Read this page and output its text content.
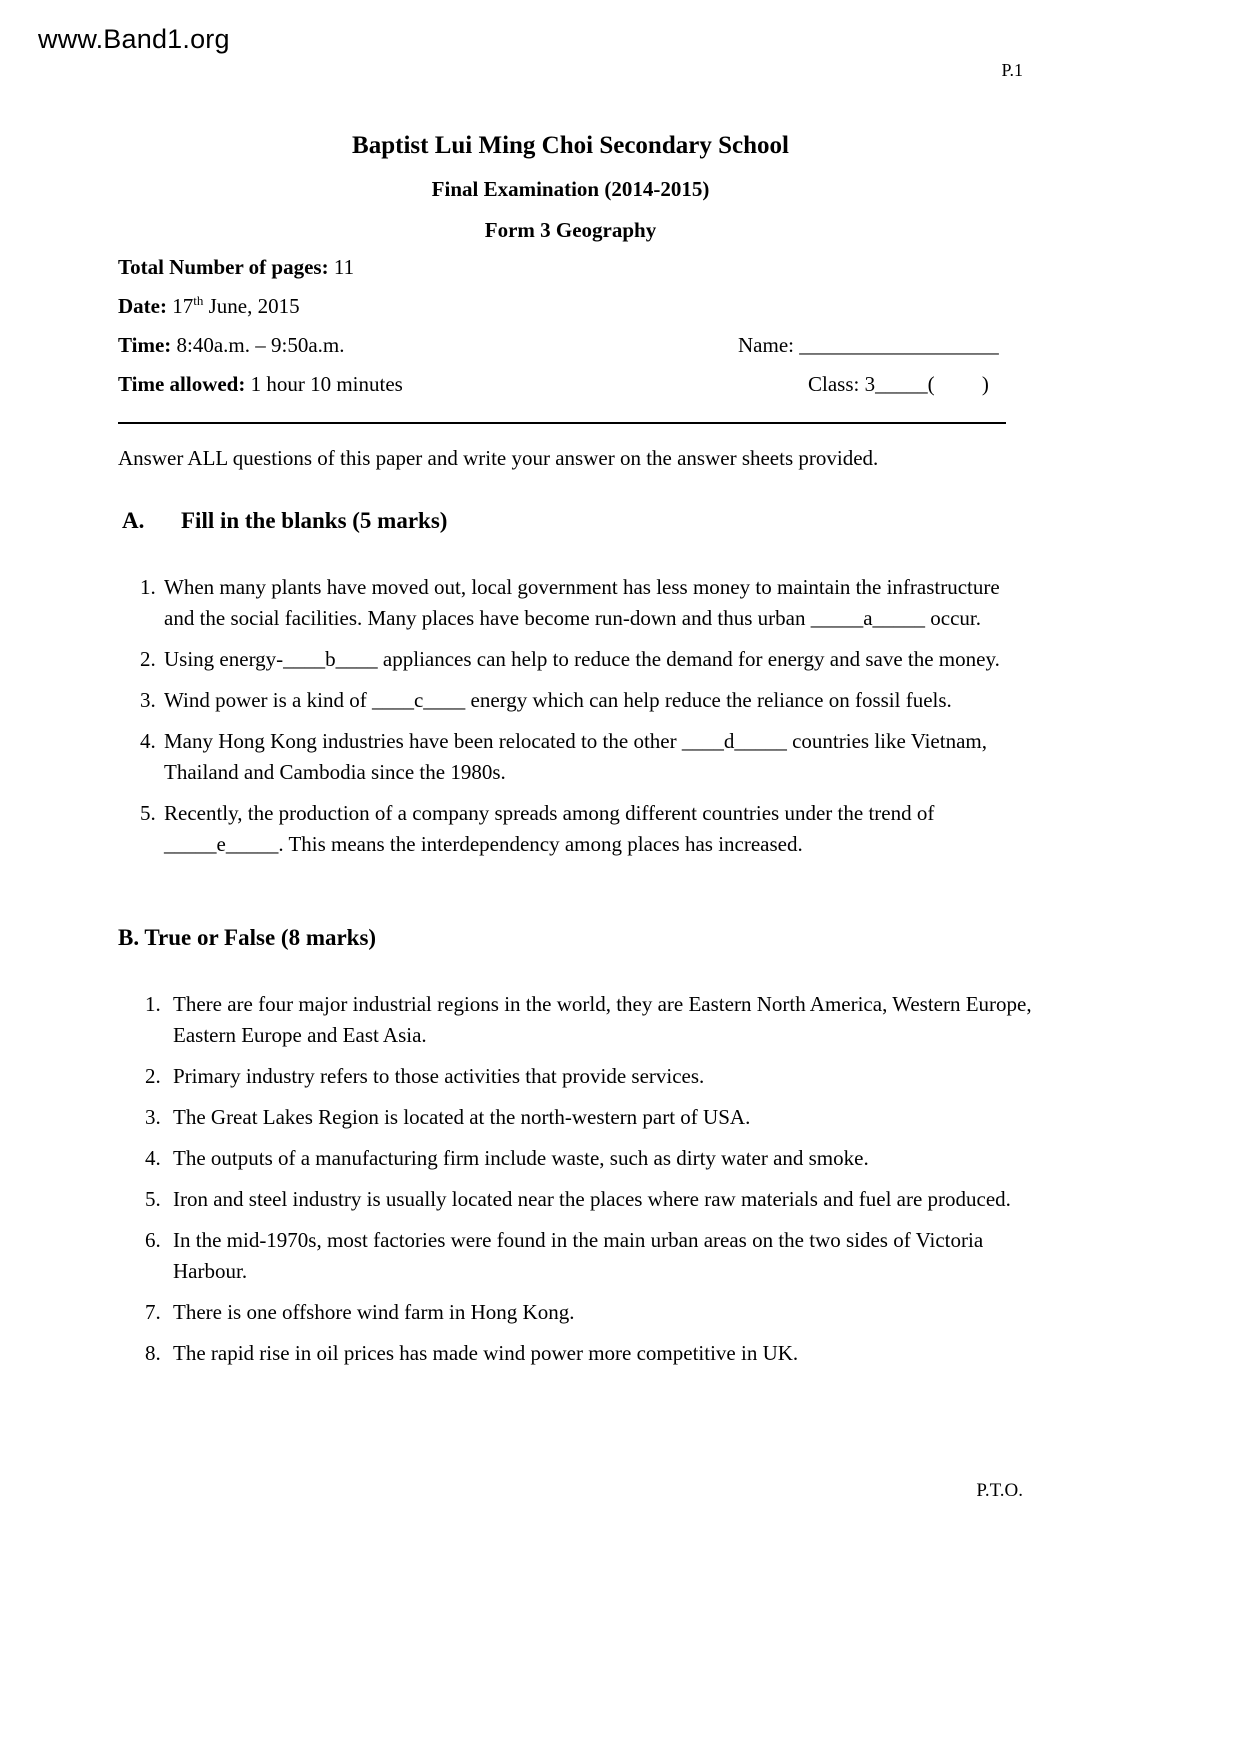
www.Band1.org
P.1
Baptist Lui Ming Choi Secondary School
Final Examination (2014-2015)
Form 3 Geography
Total Number of pages: 11
Date: 17th June, 2015

Name: ___________________

Time: 8:40a.m. – 9:50a.m.

Class: 3_____(         )

Time allowed: 1 hour 10 minutes
Answer ALL questions of this paper and write your answer on the answer sheets provided.
A.	Fill in the blanks (5 marks)
1. When many plants have moved out, local government has less money to maintain the infrastructure and the social facilities. Many places have become run-down and thus urban _____a_____ occur.
2. Using energy-____b____ appliances can help to reduce the demand for energy and save the money.
3. Wind power is a kind of ____c____ energy which can help reduce the reliance on fossil fuels.
4. Many Hong Kong industries have been relocated to the other ____d_____ countries like Vietnam, Thailand and Cambodia since the 1980s.
5. Recently, the production of a company spreads among different countries under the trend of _____e_____. This means the interdependency among places has increased.
B. True or False (8 marks)
1. There are four major industrial regions in the world, they are Eastern North America, Western Europe, Eastern Europe and East Asia.
2. Primary industry refers to those activities that provide services.
3. The Great Lakes Region is located at the north-western part of USA.
4. The outputs of a manufacturing firm include waste, such as dirty water and smoke.
5. Iron and steel industry is usually located near the places where raw materials and fuel are produced.
6. In the mid-1970s, most factories were found in the main urban areas on the two sides of Victoria Harbour.
7. There is one offshore wind farm in Hong Kong.
8. The rapid rise in oil prices has made wind power more competitive in UK.
P.T.O.
